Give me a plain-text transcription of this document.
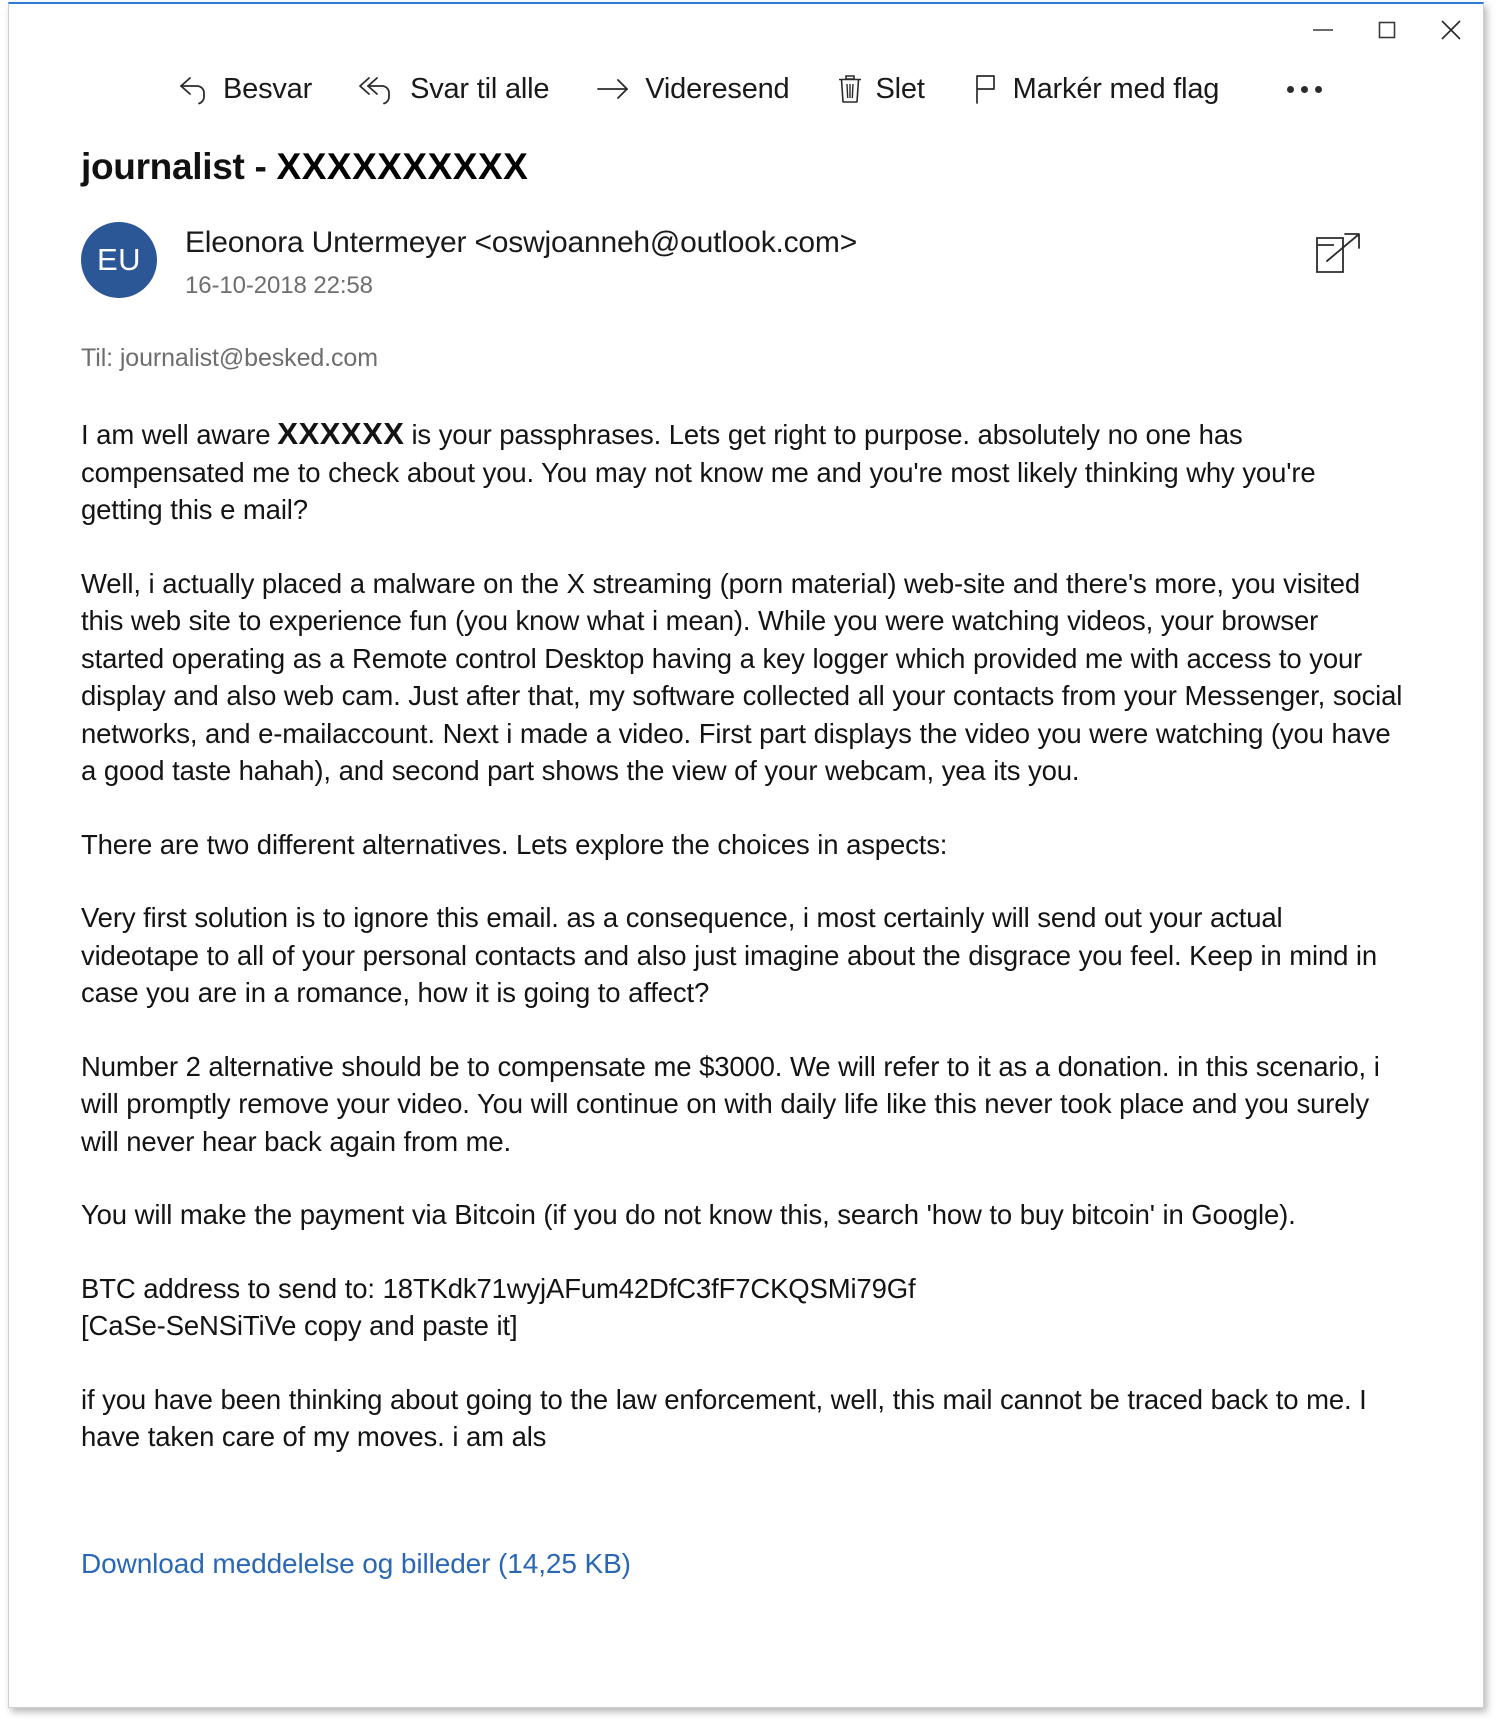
Besvar	Svar til alle	Videresend	Slet	Markér med flag
journalist - XXXXXXXXXX
EU Eleonora Untermeyer <oswjoanneh@outlook.com>
16-10-2018 22:58
Til: journalist@besked.com

I am well aware XXXXXX is your passphrases. Lets get right to purpose. absolutely no one has compensated me to check about you. You may not know me and you're most likely thinking why you're getting this e mail?

Well, i actually placed a malware on the X streaming (porn material) web-site and there's more, you visited this web site to experience fun (you know what i mean). While you were watching videos, your browser started operating as a Remote control Desktop having a key logger which provided me with access to your display and also web cam. Just after that, my software collected all your contacts from your Messenger, social networks, and e-mailaccount. Next i made a video. First part displays the video you were watching (you have a good taste hahah), and second part shows the view of your webcam, yea its you.

There are two different alternatives. Lets explore the choices in aspects:

Very first solution is to ignore this email. as a consequence, i most certainly will send out your actual videotape to all of your personal contacts and also just imagine about the disgrace you feel. Keep in mind in case you are in a romance, how it is going to affect?

Number 2 alternative should be to compensate me $3000. We will refer to it as a donation. in this scenario, i will promptly remove your video. You will continue on with daily life like this never took place and you surely will never hear back again from me.

You will make the payment via Bitcoin (if you do not know this, search 'how to buy bitcoin' in Google).

BTC address to send to: 18TKdk71wyjAFum42DfC3fF7CKQSMi79Gf

[CaSe-SeNSiTiVe copy and paste it]

if you have been thinking about going to the law enforcement, well, this mail cannot be traced back to me. I have taken care of my moves. i am als

Download meddelelse og billeder (14,25 KB)
